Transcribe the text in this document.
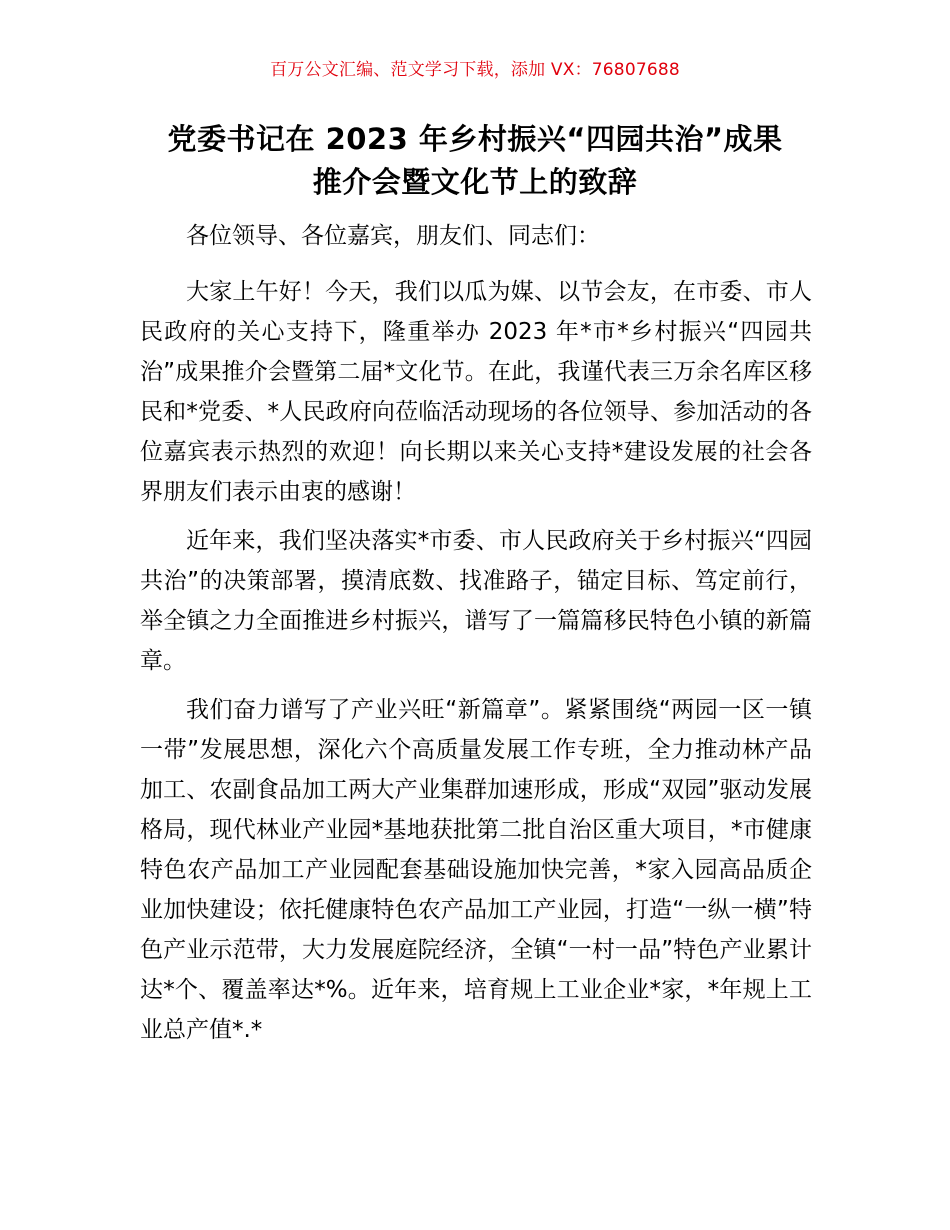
百万公文汇编、范文学习下载，添加 VX：76807688
党委书记在 2023 年乡村振兴“四园共治”成果
推介会暨文化节上的致辞

各位领导、各位嘉宾，朋友们、同志们：

大家上午好！今天，我们以瓜为媒、以节会友，在市委、市人民政府的关心支持下，隆重举办 2023 年*市*乡村振兴“四园共治”成果推介会暨第二届*文化节。在此，我谨代表三万余名库区移民和*党委、*人民政府向莅临活动现场的各位领导、参加活动的各位嘉宾表示热烈的欢迎！向长期以来关心支持*建设发展的社会各界朋友们表示由衷的感谢！

近年来，我们坚决落实*市委、市人民政府关于乡村振兴“四园共治”的决策部署，摸清底数、找准路子，锚定目标、笃定前行，举全镇之力全面推进乡村振兴，谱写了一篇篇移民特色小镇的新篇章。

我们奋力谱写了产业兴旺“新篇章”。紧紧围绕“两园一区一镇一带”发展思想，深化六个高质量发展工作专班，全力推动林产品加工、农副食品加工两大产业集群加速形成，形成“双园”驱动发展格局，现代林业产业园*基地获批第二批自治区重大项目，*市健康特色农产品加工产业园配套基础设施加快完善，*家入园高品质企业加快建设；依托健康特色农产品加工产业园，打造“一纵一横”特色产业示范带，大力发展庭院经济，全镇“一村一品”特色产业累计达*个、覆盖率达*%。近年来，培育规上工业企业*家，*年规上工业总产值*.*
